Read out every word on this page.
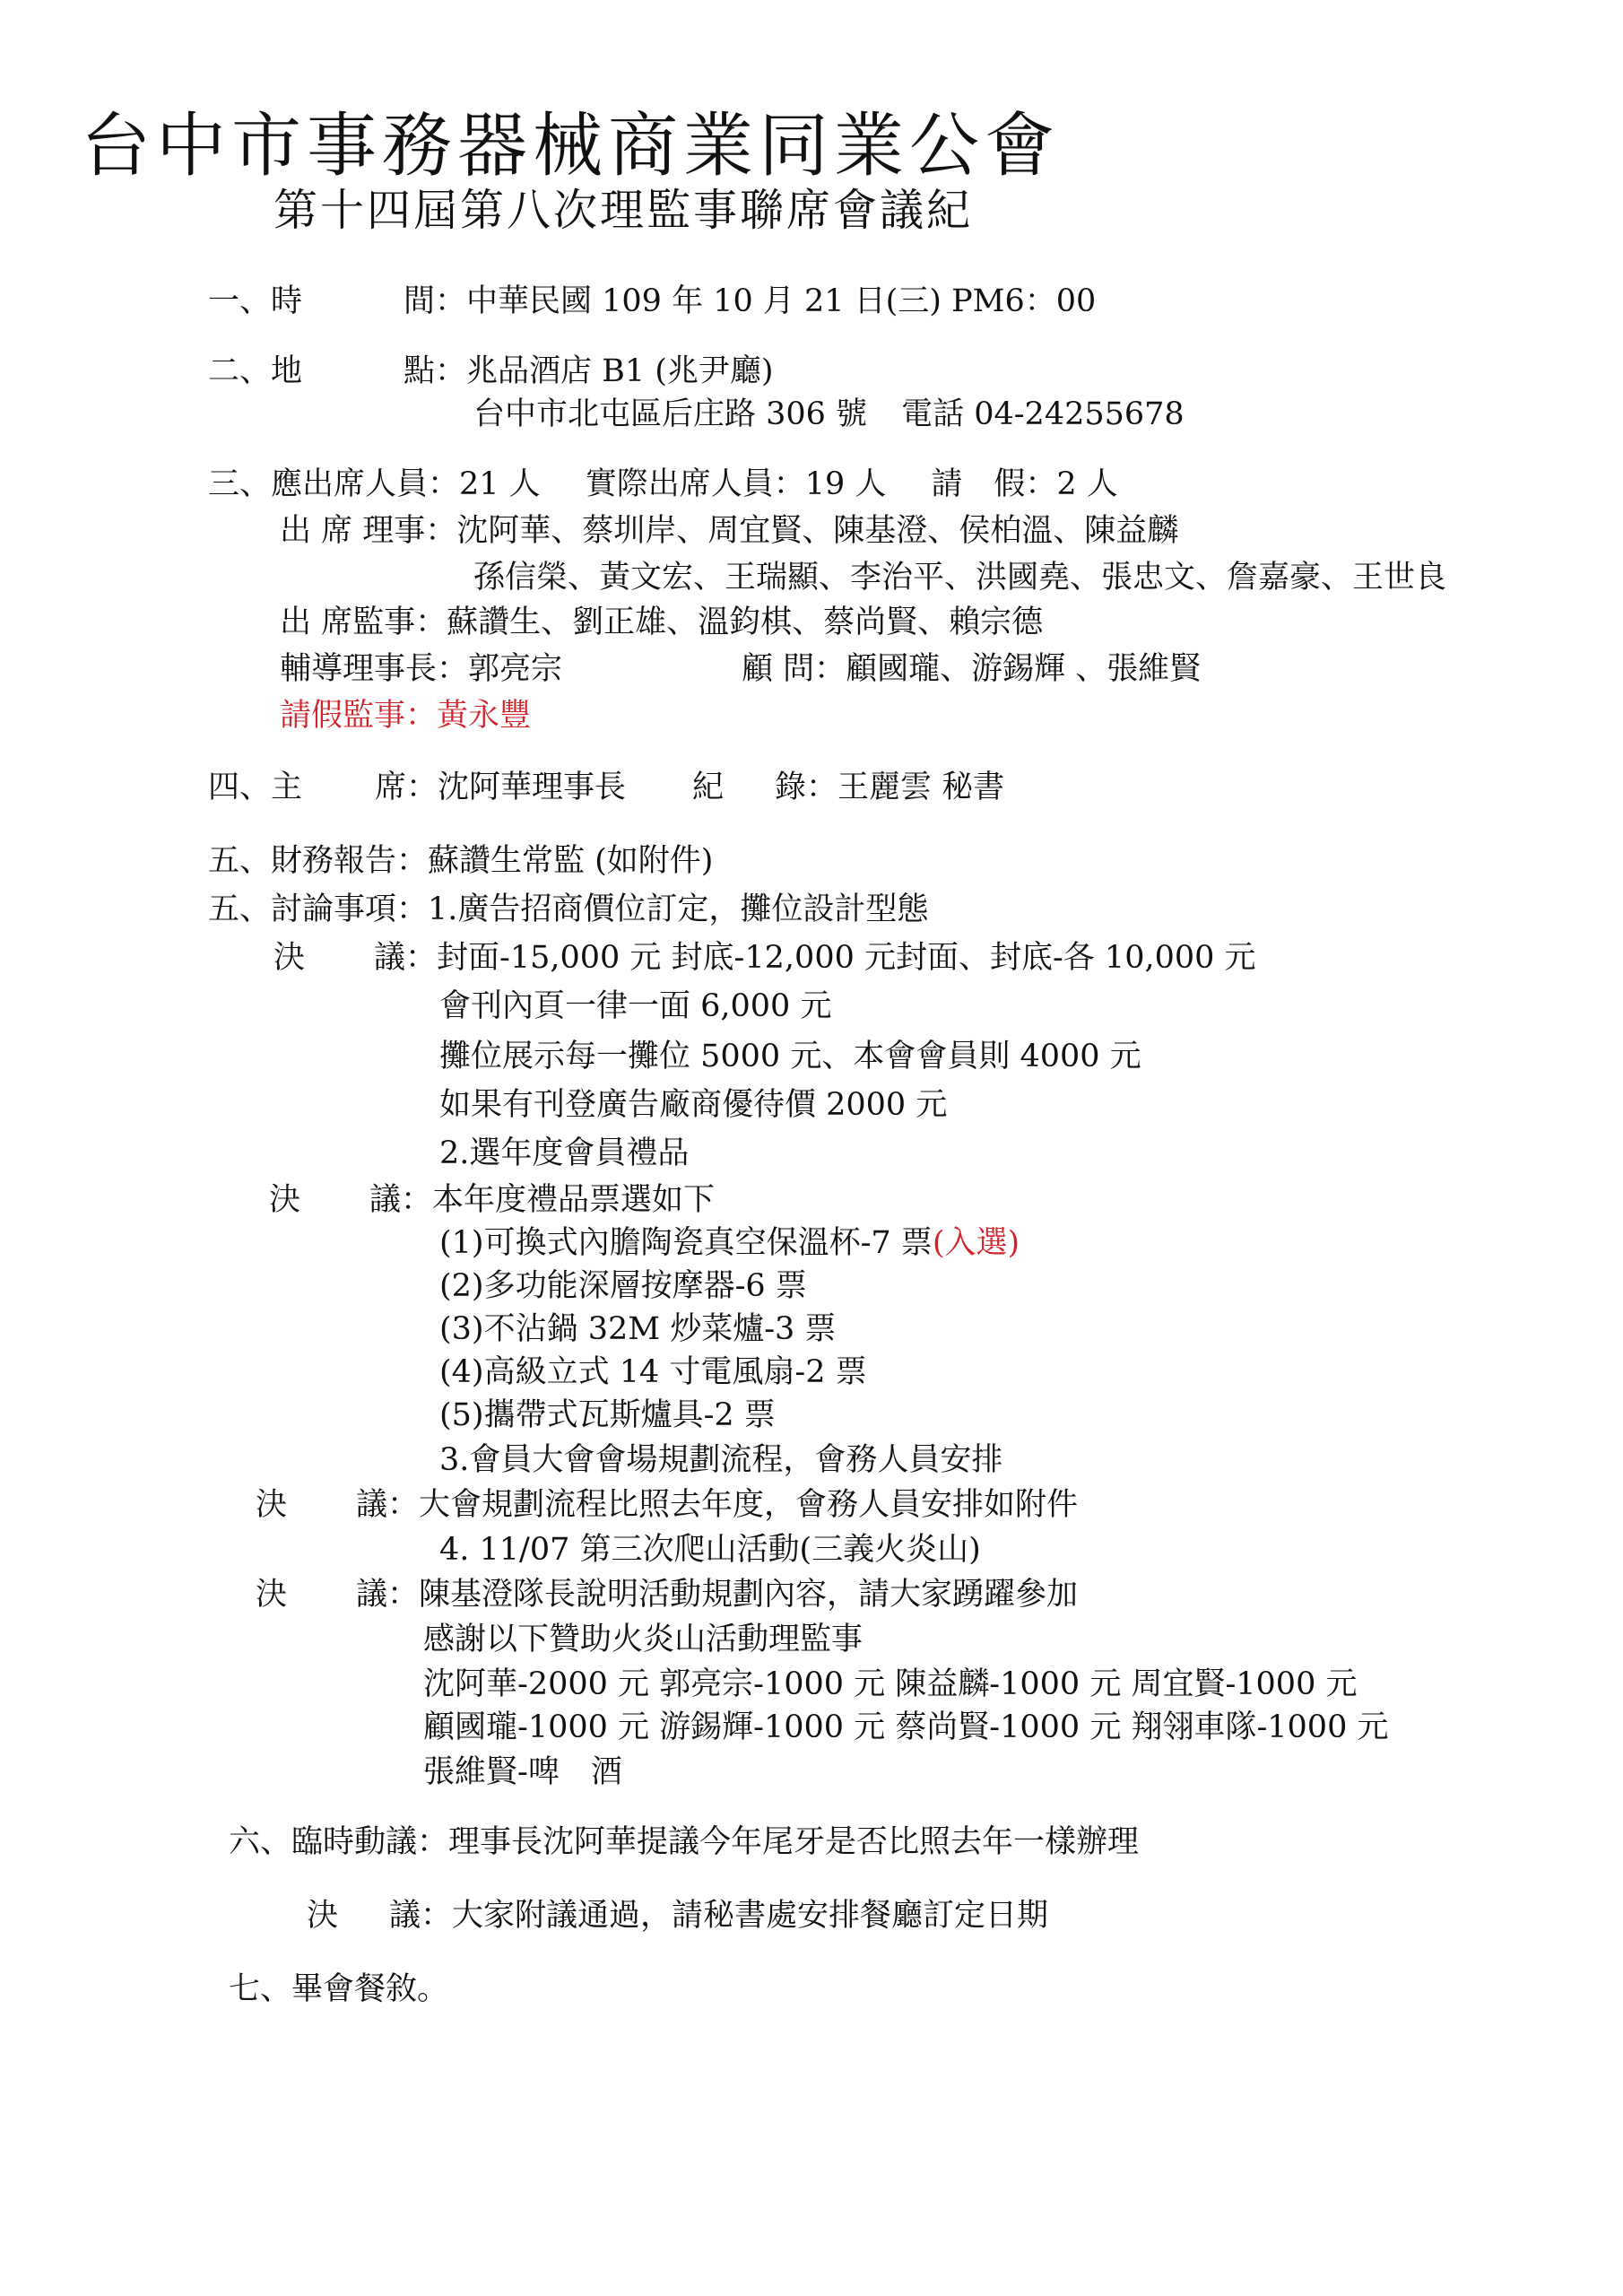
台中市事務器械商業同業公會
第十四屆第八次理監事聯席會議紀
一、時	間：中華民國 109 年 10 月 21 日(三) PM6：00
二、地	點：兆品酒店 B1 (兆尹廳)
台中市北屯區后庄路 306 號 電話 04-24255678
三、應出席人員：21 人 實際出席人員：19 人 請　假：2 人
出 席 理事：沈阿華、蔡圳岸、周宜賢、陳基澄、侯柏溫、陳益麟
孫信榮、黃文宏、王瑞顯、李治平、洪國堯、張忠文、詹嘉豪、王世良
出 席監事：蘇讚生、劉正雄、溫鈞棋、蔡尚賢、賴宗德
輔導理事長：郭亮宗	顧 問：顧國瓏、游錫輝 、張維賢
請假監事：黃永豐
四、主 席：沈阿華理事長 紀 錄：王麗雲 秘書
五、財務報告：蘇讚生常監 (如附件)
五、討論事項：1.廣告招商價位訂定，攤位設計型態
決 議：封面-15,000 元 封底-12,000 元封面、封底-各 10,000 元
會刊內頁一律一面 6,000 元
攤位展示每一攤位 5000 元、本會會員則 4000 元
如果有刊登廣告廠商優待價 2000 元
2.選年度會員禮品
決 議：本年度禮品票選如下
(1)可換式內膽陶瓷真空保溫杯-7 票(入選)
(2)多功能深層按摩器-6 票
(3)不沾鍋 32M 炒菜爐-3 票
(4)高級立式 14 寸電風扇-2 票
(5)攜帶式瓦斯爐具-2 票
3.會員大會會場規劃流程，會務人員安排
決 議：大會規劃流程比照去年度，會務人員安排如附件
4. 11/07 第三次爬山活動(三義火炎山)
決 議：陳基澄隊長說明活動規劃內容，請大家踴躍參加
感謝以下贊助火炎山活動理監事
沈阿華-2000 元 郭亮宗-1000 元 陳益麟-1000 元 周宜賢-1000 元
顧國瓏-1000 元 游錫輝-1000 元 蔡尚賢-1000 元 翔翎車隊-1000 元
張維賢-啤　酒
六、臨時動議：理事長沈阿華提議今年尾牙是否比照去年一樣辦理
決 議：大家附議通過，請秘書處安排餐廳訂定日期
七、畢會餐敘。
